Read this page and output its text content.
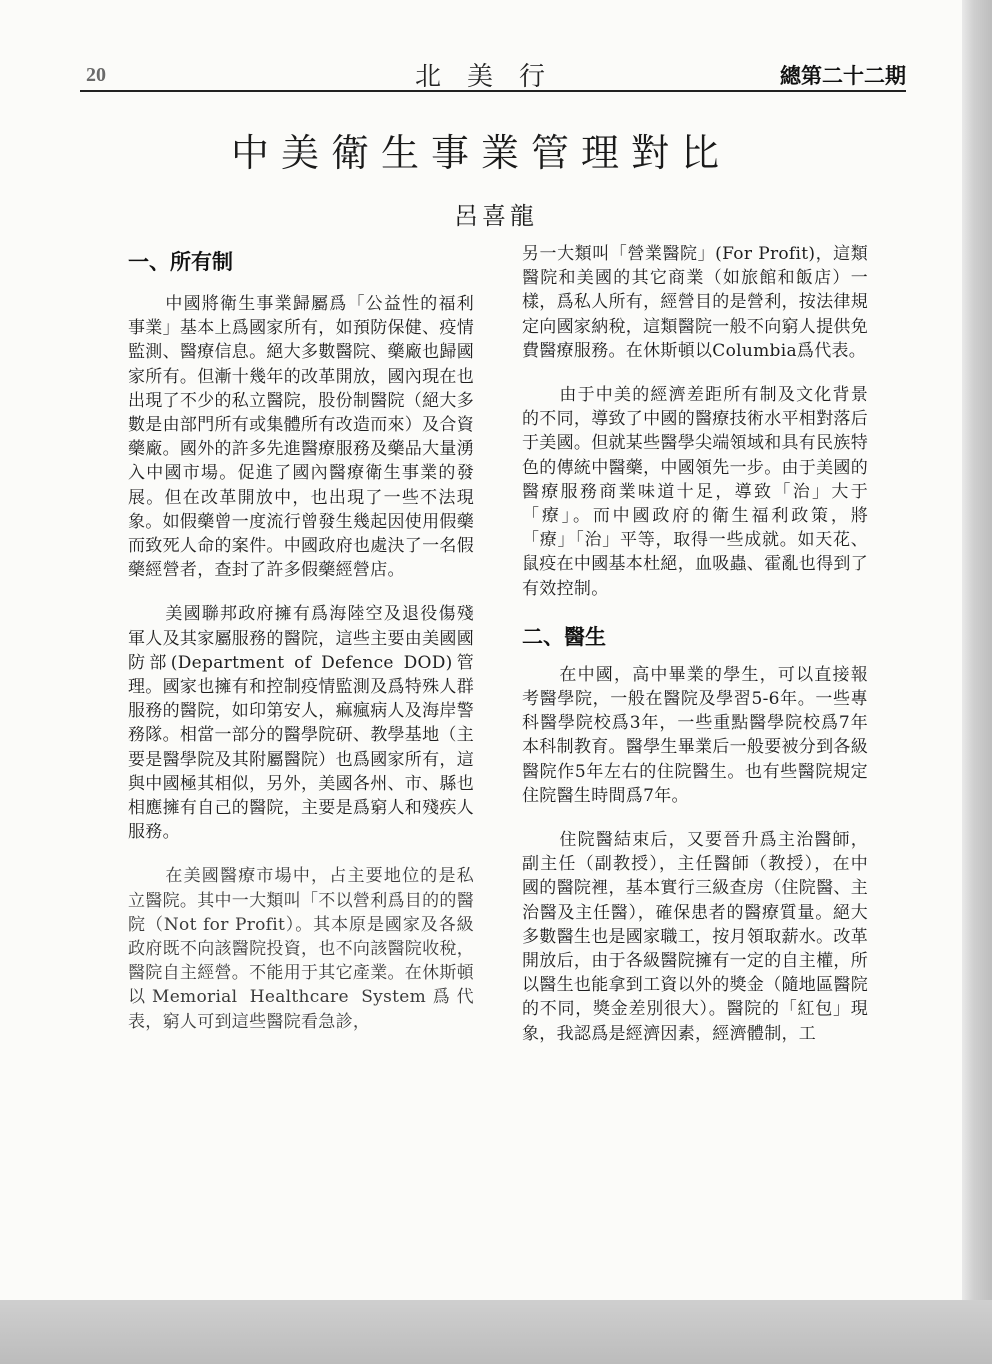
20	北美行	總第二十二期
中美衛生事業管理對比
一、所有制

中國將衛生事業歸屬爲「公益性的福利事業」基本上爲國家所有，如預防保健、疫情監測、醫療信息。絕大多數醫院、藥廠也歸國家所有。但漸十幾年的改革開放，國內現在也出現了不少的私立醫院，股份制醫院（絕大多數是由部門所有或集體所有改造而來）及合資藥廠。國外的許多先進醫療服務及藥品大量湧入中國市場。促進了國內醫療衛生事業的發展。但在改革開放中，也出現了一些不法現象。如假藥曾一度流行曾發生幾起因使用假藥而致死人命的案件。中國政府也處決了一名假藥經營者，查封了許多假藥經營店。

美國聯邦政府擁有爲海陸空及退役傷殘軍人及其家屬服務的醫院，這些主要由美國國防部(Department of Defence DOD)管理。國家也擁有和控制疫情監測及爲特殊人群服務的醫院，如印第安人，痲瘋病人及海岸警務隊。相當一部分的醫學院研、教學基地（主要是醫學院及其附屬醫院）也爲國家所有，這與中國極其相似，另外，美國各州、市、縣也相應擁有自己的醫院，主要是爲窮人和殘疾人服務。

在美國醫療市場中，占主要地位的是私立醫院。其中一大類叫「不以營利爲目的的醫院（Not for Profit）。其本原是國家及各級政府既不向該醫院投資，也不向該醫院收稅，醫院自主經營。不能用于其它產業。在休斯頓以Memorial Healthcare System爲代表，窮人可到這些醫院看急診，

另一大類叫「營業醫院」(For Profit)，這類醫院和美國的其它商業（如旅館和飯店）一樣，爲私人所有，經營目的是營利，按法律規定向國家納稅，這類醫院一般不向窮人提供免費醫療服務。在休斯頓以Columbia爲代表。

由于中美的經濟差距所有制及文化背景的不同，導致了中國的醫療技術水平相對落后于美國。但就某些醫學尖端領域和具有民族特色的傳統中醫藥，中國領先一步。由于美國的醫療服務商業味道十足，導致「治」大于「療」。而中國政府的衛生福利政策，將「療」「治」平等，取得一些成就。如天花、鼠疫在中國基本杜絕，血吸蟲、霍亂也得到了有效控制。

二、醫生

在中國，高中畢業的學生，可以直接報考醫學院，一般在醫院及學習5-6年。一些專科醫學院校爲3年，一些重點醫學院校爲7年本科制教育。醫學生畢業后一般要被分到各級醫院作5年左右的住院醫生。也有些醫院規定住院醫生時間爲7年。

住院醫結束后，又要晉升爲主治醫師，副主任（副教授），主任醫師（教授），在中國的醫院裡，基本實行三級查房（住院醫、主治醫及主任醫），確保患者的醫療質量。絕大多數醫生也是國家職工，按月領取薪水。改革開放后，由于各級醫院擁有一定的自主權，所以醫生也能拿到工資以外的獎金（隨地區醫院的不同，獎金差別很大）。醫院的「紅包」現象，我認爲是經濟因素，經濟體制，工

呂喜龍
